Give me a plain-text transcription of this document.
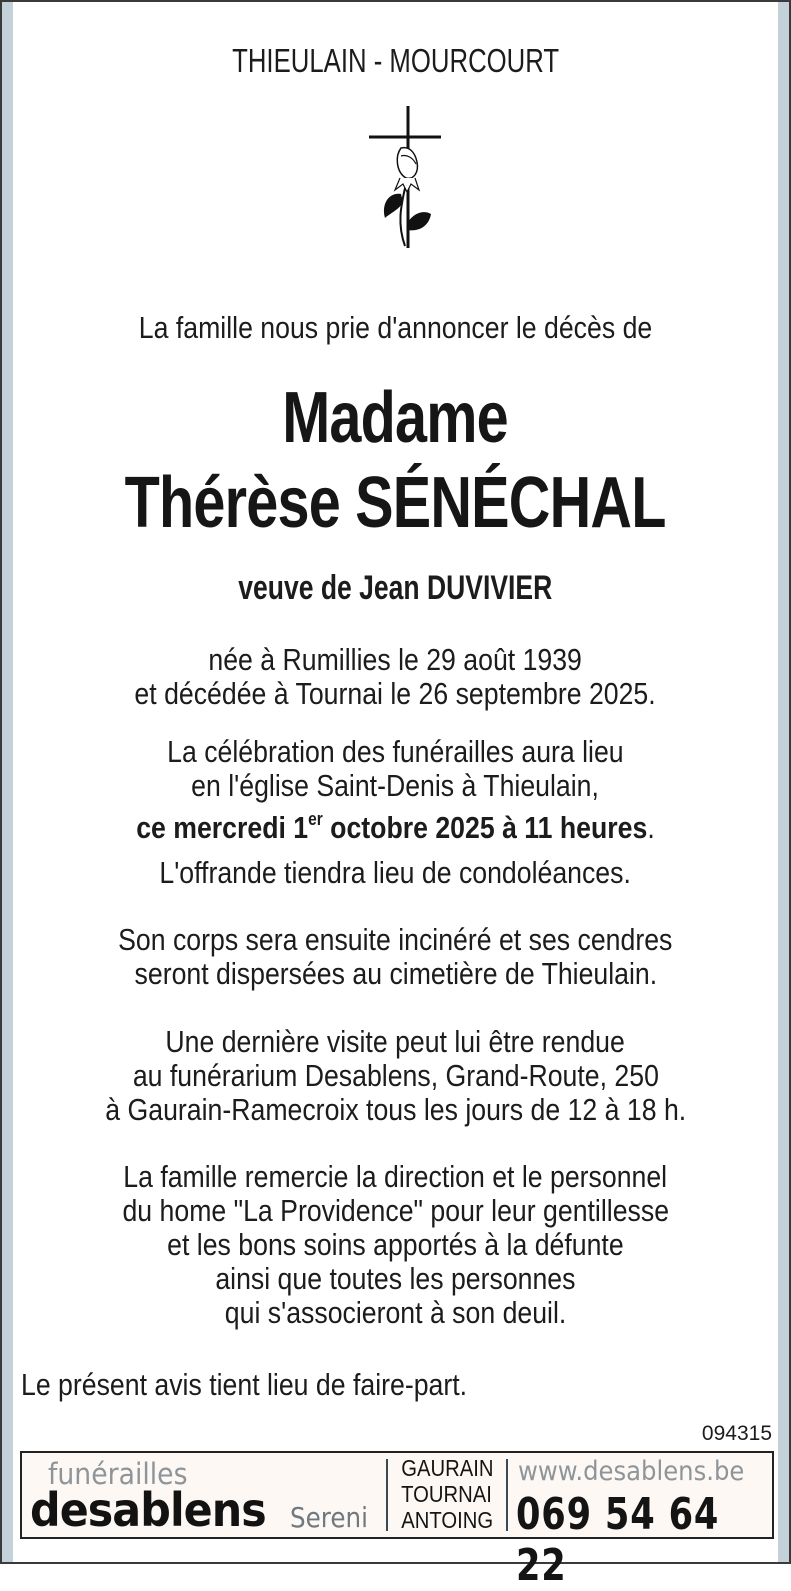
THIEULAIN - MOURCOURT
La famille nous prie d'annoncer le décès de
Madame
Thérèse SÉNÉCHAL
veuve de Jean DUVIVIER
née à Rumillies le 29 août 1939
et décédée à Tournai le 26 septembre 2025.
La célébration des funérailles aura lieu
en l'église Saint-Denis à Thieulain,
ce mercredi 1er octobre 2025 à 11 heures.
L'offrande tiendra lieu de condoléances.
Son corps sera ensuite incinéré et ses cendres
seront dispersées au cimetière de Thieulain.
Une dernière visite peut lui être rendue
au funérarium Desablens, Grand-Route, 250
à Gaurain-Ramecroix tous les jours de 12 à 18 h.
La famille remercie la direction et le personnel
du home "La Providence" pour leur gentillesse
et les bons soins apportés à la défunte
ainsi que toutes les personnes
qui s'associeront à son deuil.
Le présent avis tient lieu de faire-part.
094315
funérailles
desablens Sereni
GAURAIN
TOURNAI
ANTOING
www.desablens.be
069 54 64 22
